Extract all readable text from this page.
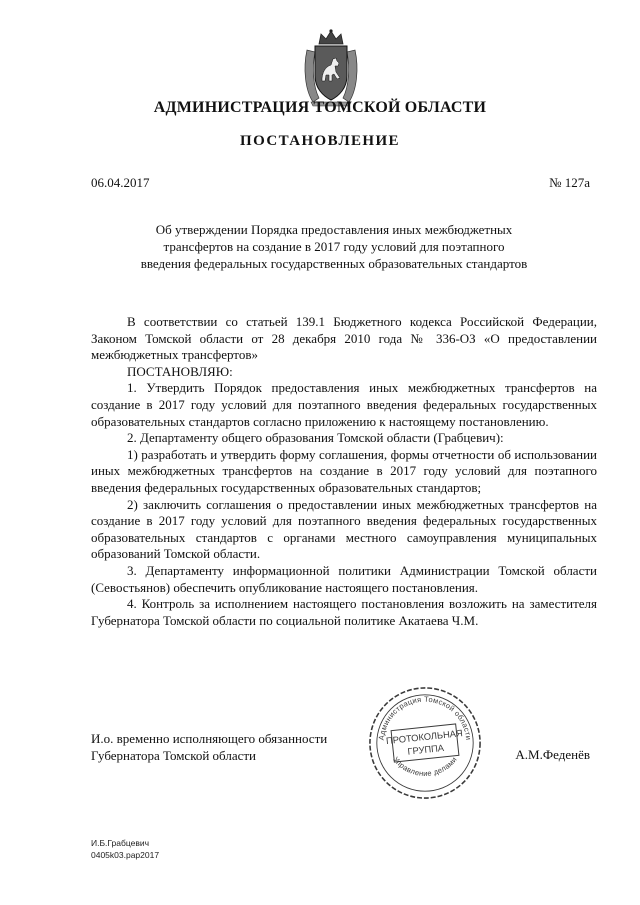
АДМИНИСТРАЦИЯ ТОМСКОЙ ОБЛАСТИ
ПОСТАНОВЛЕНИЕ
06.04.2017	№ 127а
Об утверждении Порядка предоставления иных межбюджетных трансфертов на создание в 2017 году условий для поэтапного введения федеральных государственных образовательных стандартов

В соответствии со статьей 139.1 Бюджетного кодекса Российской Федерации, Законом Томской области от 28 декабря 2010 года № 336-ОЗ «О предоставлении межбюджетных трансфертов»

ПОСТАНОВЛЯЮ:

1. Утвердить Порядок предоставления иных межбюджетных трансфертов на создание в 2017 году условий для поэтапного введения федеральных государственных образовательных стандартов согласно приложению к настоящему постановлению.

2. Департаменту общего образования Томской области (Грабцевич):

1) разработать и утвердить форму соглашения, формы отчетности об использовании иных межбюджетных трансфертов на создание в 2017 году условий для поэтапного введения федеральных государственных образовательных стандартов;

2) заключить соглашения о предоставлении иных межбюджетных трансфертов на создание в 2017 году условий для поэтапного введения федеральных государственных образовательных стандартов с органами местного самоуправления муниципальных образований Томской области.

3. Департаменту информационной политики Администрации Томской области (Севостьянов) обеспечить опубликование настоящего постановления.

4. Контроль за исполнением настоящего постановления возложить на заместителя Губернатора Томской области по социальной политике Акатаева Ч.М.

И.о. временно исполняющего обязанности
Губернатора Томской области	А.М.Феденёв
Администрация Томской области
Управление делами
ПРОТОКОЛЬНАЯ
ГРУППА
И.Б.Грабцевич
0405k03.pap2017
